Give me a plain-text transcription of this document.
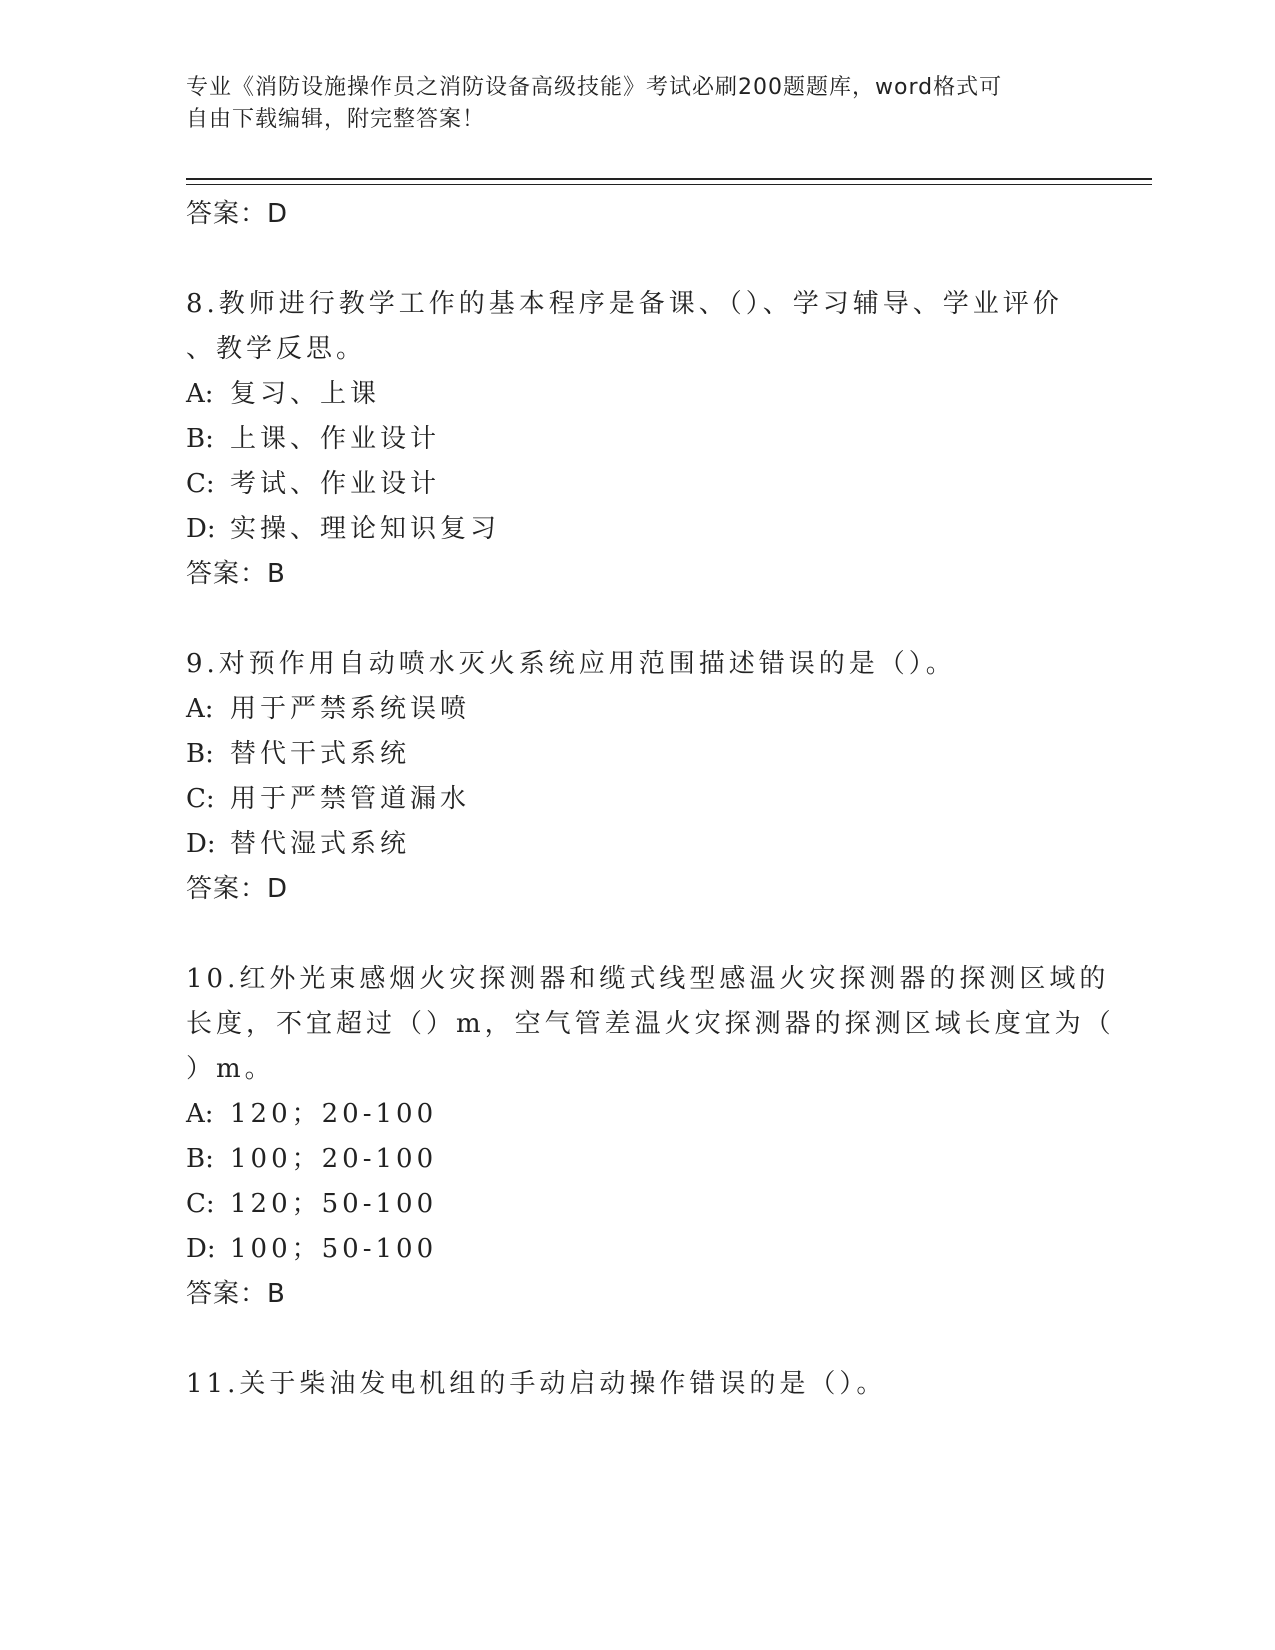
专业《消防设施操作员之消防设备高级技能》考试必刷200题题库，word格式可
自由下载编辑，附完整答案！
答案：D
8.教师进行教学工作的基本程序是备课、（）、学习辅导、学业评价
、教学反思。
A: 复习、上课
B: 上课、作业设计
C: 考试、作业设计
D: 实操、理论知识复习
答案：B
9.对预作用自动喷水灭火系统应用范围描述错误的是（）。
A: 用于严禁系统误喷
B: 替代干式系统
C: 用于严禁管道漏水
D: 替代湿式系统
答案：D
10.红外光束感烟火灾探测器和缆式线型感温火灾探测器的探测区域的
长度，不宜超过（）m，空气管差温火灾探测器的探测区域长度宜为（
）m。
A: 120；20-100
B: 100；20-100
C: 120；50-100
D: 100；50-100
答案：B
11.关于柴油发电机组的手动启动操作错误的是（）。
